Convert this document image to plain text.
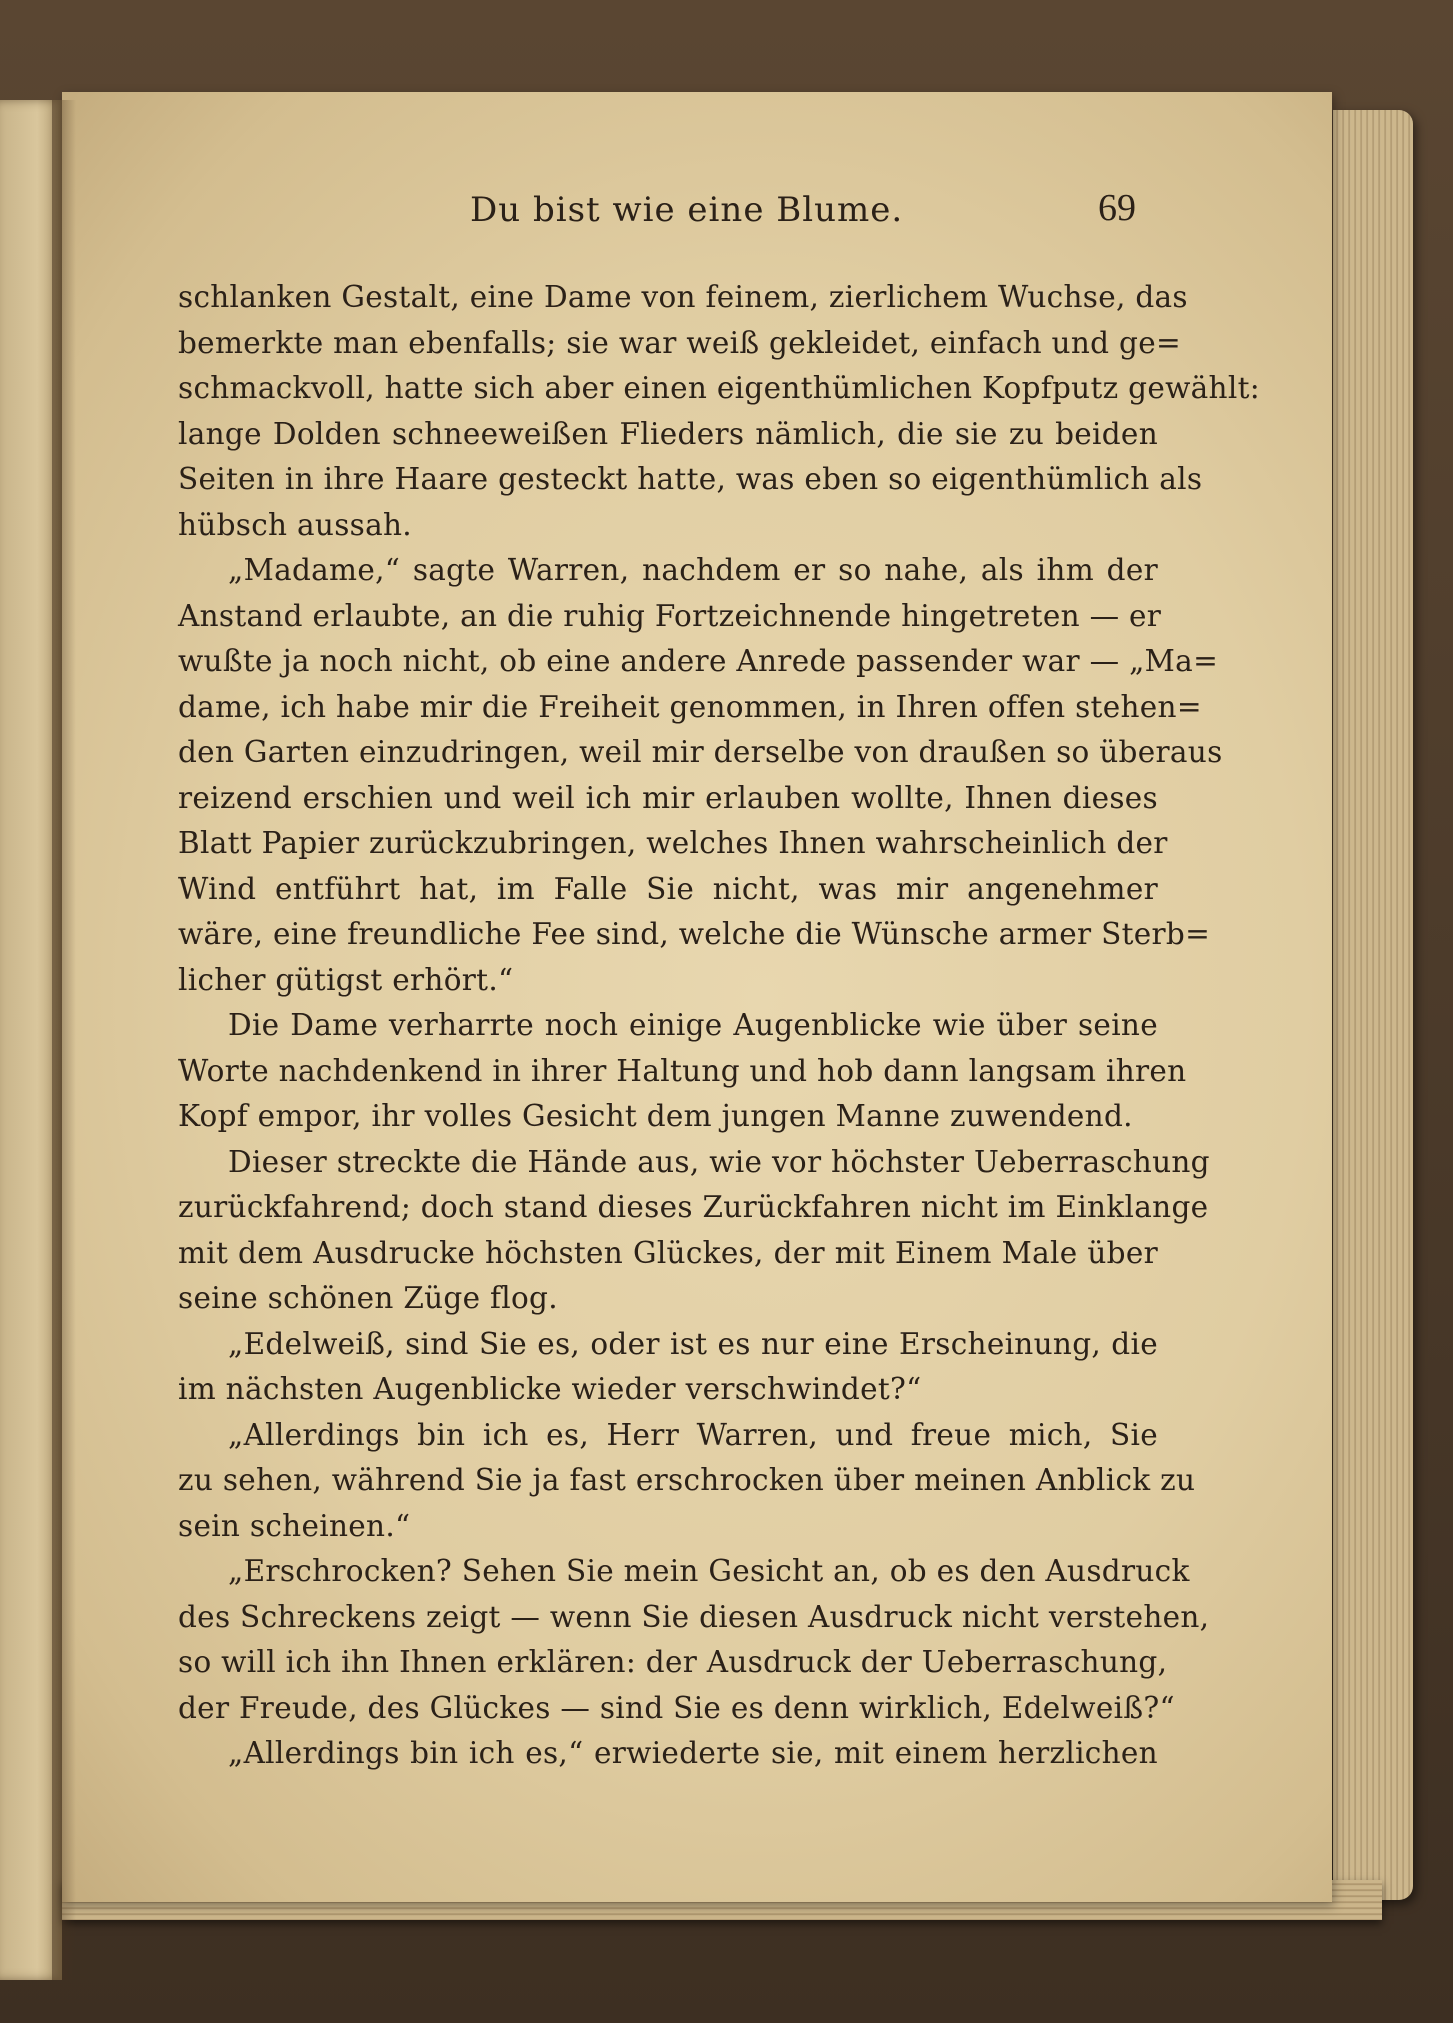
Du bist wie eine Blume.	69
schlanken Gestalt, eine Dame von feinem, zierlichem Wuchse, das
bemerkte man ebenfalls; sie war weiß gekleidet, einfach und ge=
schmackvoll, hatte sich aber einen eigenthümlichen Kopfputz gewählt:
lange Dolden schneeweißen Flieders nämlich, die sie zu beiden
Seiten in ihre Haare gesteckt hatte, was eben so eigenthümlich als
hübsch aussah.
„Madame,“ sagte Warren, nachdem er so nahe, als ihm der
Anstand erlaubte, an die ruhig Fortzeichnende hingetreten — er
wußte ja noch nicht, ob eine andere Anrede passender war — „Ma=
dame, ich habe mir die Freiheit genommen, in Ihren offen stehen=
den Garten einzudringen, weil mir derselbe von draußen so überaus
reizend erschien und weil ich mir erlauben wollte, Ihnen dieses
Blatt Papier zurückzubringen, welches Ihnen wahrscheinlich der
Wind entführt hat, im Falle Sie nicht, was mir angenehmer
wäre, eine freundliche Fee sind, welche die Wünsche armer Sterb=
licher gütigst erhört.“
Die Dame verharrte noch einige Augenblicke wie über seine
Worte nachdenkend in ihrer Haltung und hob dann langsam ihren
Kopf empor, ihr volles Gesicht dem jungen Manne zuwendend.
Dieser streckte die Hände aus, wie vor höchster Ueberraschung
zurückfahrend; doch stand dieses Zurückfahren nicht im Einklange
mit dem Ausdrucke höchsten Glückes, der mit Einem Male über
seine schönen Züge flog.
„Edelweiß, sind Sie es, oder ist es nur eine Erscheinung, die
im nächsten Augenblicke wieder verschwindet?“
„Allerdings bin ich es, Herr Warren, und freue mich, Sie
zu sehen, während Sie ja fast erschrocken über meinen Anblick zu
sein scheinen.“
„Erschrocken? Sehen Sie mein Gesicht an, ob es den Ausdruck
des Schreckens zeigt — wenn Sie diesen Ausdruck nicht verstehen,
so will ich ihn Ihnen erklären: der Ausdruck der Ueberraschung,
der Freude, des Glückes — sind Sie es denn wirklich, Edelweiß?“
„Allerdings bin ich es,“ erwiederte sie, mit einem herzlichen
